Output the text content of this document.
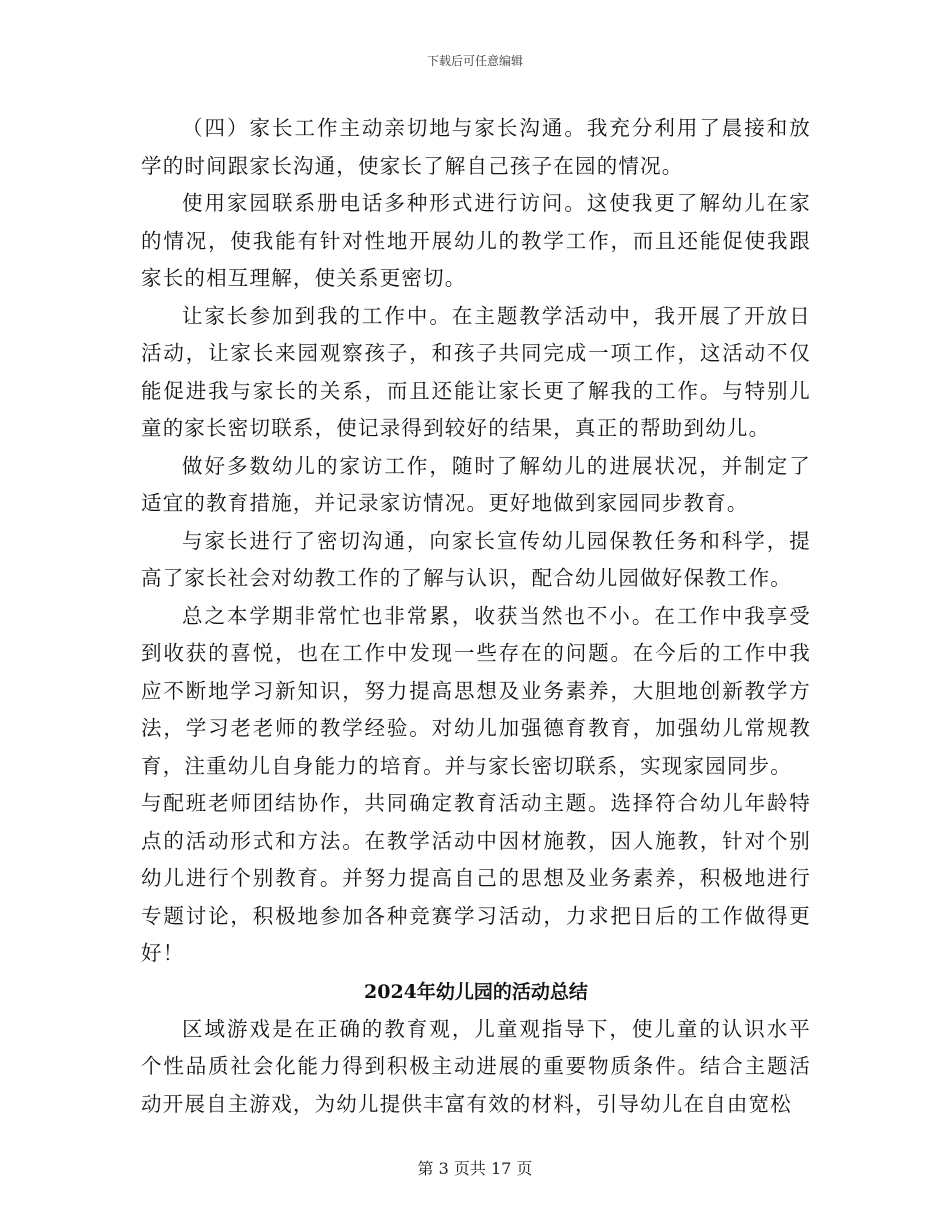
下载后可任意编辑

（四）家长工作主动亲切地与家长沟通。我充分利用了晨接和放学的时间跟家长沟通，使家长了解自己孩子在园的情况。

使用家园联系册电话多种形式进行访问。这使我更了解幼儿在家的情况，使我能有针对性地开展幼儿的教学工作，而且还能促使我跟家长的相互理解，使关系更密切。

让家长参加到我的工作中。在主题教学活动中，我开展了开放日活动，让家长来园观察孩子，和孩子共同完成一项工作，这活动不仅能促进我与家长的关系，而且还能让家长更了解我的工作。与特别儿童的家长密切联系，使记录得到较好的结果，真正的帮助到幼儿。

做好多数幼儿的家访工作，随时了解幼儿的进展状况，并制定了适宜的教育措施，并记录家访情况。更好地做到家园同步教育。

与家长进行了密切沟通，向家长宣传幼儿园保教任务和科学，提高了家长社会对幼教工作的了解与认识，配合幼儿园做好保教工作。

总之本学期非常忙也非常累，收获当然也不小。在工作中我享受到收获的喜悦，也在工作中发现一些存在的问题。在今后的工作中我应不断地学习新知识，努力提高思想及业务素养，大胆地创新教学方法，学习老老师的教学经验。对幼儿加强德育教育，加强幼儿常规教育，注重幼儿自身能力的培育。并与家长密切联系，实现家园同步。

与配班老师团结协作，共同确定教育活动主题。选择符合幼儿年龄特点的活动形式和方法。在教学活动中因材施教，因人施教，针对个别幼儿进行个别教育。并努力提高自己的思想及业务素养，积极地进行专题讨论，积极地参加各种竞赛学习活动，力求把日后的工作做得更好！

2024年幼儿园的活动总结

区域游戏是在正确的教育观，儿童观指导下，使儿童的认识水平个性品质社会化能力得到积极主动进展的重要物质条件。结合主题活动开展自主游戏，为幼儿提供丰富有效的材料，引导幼儿在自由宽松

第 3 页共 17 页
